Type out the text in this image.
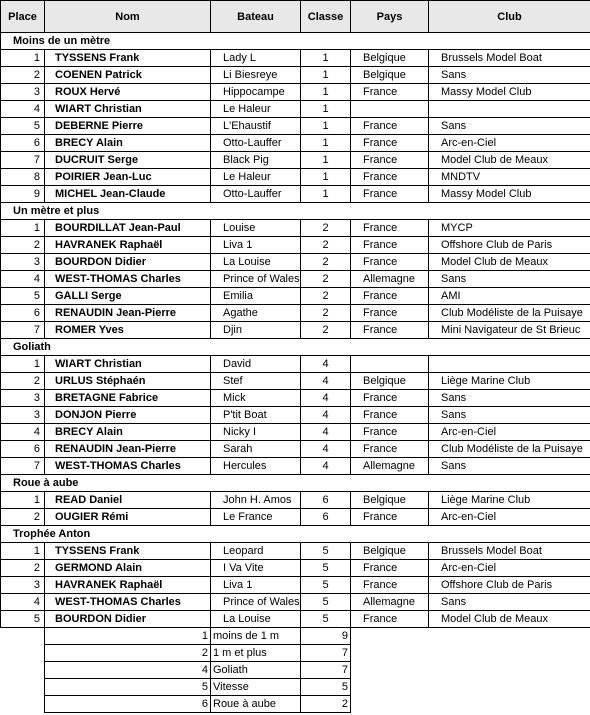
Place	Nom	Bateau	Classe	Pays	Club
Moins de un mètre					
1	TYSSENS Frank	Lady L	1	Belgique	Brussels Model Boat
2	COENEN Patrick	Li Biesreye	1	Belgique	Sans
3	ROUX Hervé	Hippocampe	1	France	Massy Model Club
4	WIART Christian	Le Haleur	1		
5	DEBERNE Pierre	L'Ehaustif	1	France	Sans
6	BRECY Alain	Otto-Lauffer	1	France	Arc-en-Ciel
7	DUCRUIT Serge	Black Pig	1	France	Model Club de Meaux
8	POIRIER Jean-Luc	Le Haleur	1	France	MNDTV
9	MICHEL Jean-Claude	Otto-Lauffer	1	France	Massy Model Club
Un mètre et plus					
1	BOURDILLAT Jean-Paul	Louise	2	France	MYCP
2	HAVRANEK Raphaël	Liva 1	2	France	Offshore Club de Paris
3	BOURDON Didier	La Louise	2	France	Model Club de Meaux
4	WEST-THOMAS Charles	Prince of Wales	2	Allemagne	Sans
5	GALLI Serge	Emilia	2	France	AMI
6	RENAUDIN Jean-Pierre	Agathe	2	France	Club Modéliste de la Puisaye
7	ROMER Yves	Djin	2	France	Mini Navigateur de St Brieuc
Goliath					
1	WIART Christian	David	4		
2	URLUS Stéphaén	Stef	4	Belgique	Liège Marine Club
3	BRETAGNE Fabrice	Mick	4	France	Sans
3	DONJON Pierre	P'tit Boat	4	France	Sans
4	BRECY Alain	Nicky I	4	France	Arc-en-Ciel
6	RENAUDIN Jean-Pierre	Sarah	4	France	Club Modéliste de la Puisaye
7	WEST-THOMAS Charles	Hercules	4	Allemagne	Sans
Roue à aube					
1	READ Daniel	John H. Amos	6	Belgique	Liège Marine Club
2	OUGIER Rémi	Le France	6	France	Arc-en-Ciel
Trophée Anton					
1	TYSSENS Frank	Leopard	5	Belgique	Brussels Model Boat
2	GERMOND Alain	I Va Vite	5	France	Arc-en-Ciel
3	HAVRANEK Raphaël	Liva 1	5	France	Offshore Club de Paris
4	WEST-THOMAS Charles	Prince of Wales	5	Allemagne	Sans
5	BOURDON Didier	La Louise	5	France	Model Club de Meaux
1	moins de 1 m	9
2	1 m et plus	7
4	Goliath	7
5	Vitesse	5
6	Roue à aube	2
